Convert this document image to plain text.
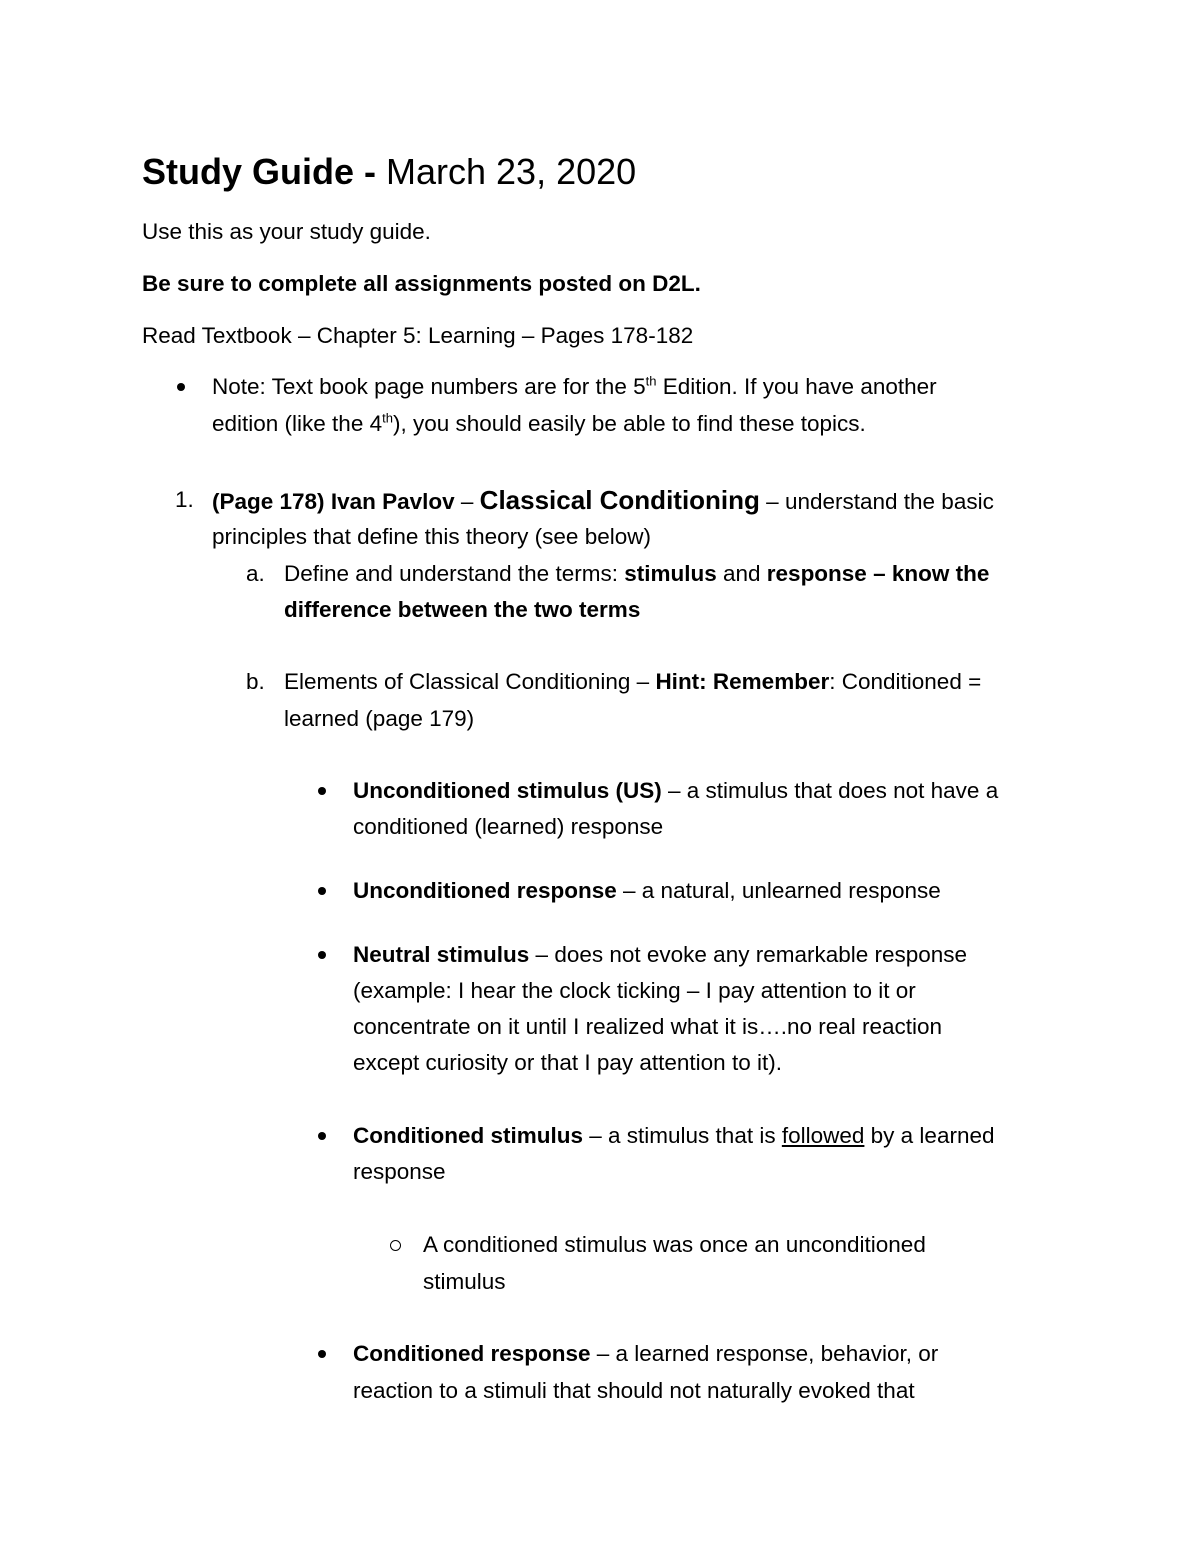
Study Guide - March 23, 2020
Use this as your study guide.
Be sure to complete all assignments posted on D2L.
Read Textbook – Chapter 5: Learning – Pages 178-182
Note: Text book page numbers are for the 5th Edition. If you have another
edition (like the 4th), you should easily be able to find these topics.
1. (Page 178) Ivan Pavlov – Classical Conditioning – understand the basic
principles that define this theory (see below)
a. Define and understand the terms: stimulus and response – know the
difference between the two terms
b. Elements of Classical Conditioning – Hint: Remember: Conditioned =
learned (page 179)
Unconditioned stimulus (US) – a stimulus that does not have a
conditioned (learned) response
Unconditioned response – a natural, unlearned response
Neutral stimulus – does not evoke any remarkable response
(example: I hear the clock ticking – I pay attention to it or
concentrate on it until I realized what it is….no real reaction
except curiosity or that I pay attention to it).
Conditioned stimulus – a stimulus that is followed by a learned
response
A conditioned stimulus was once an unconditioned
stimulus
Conditioned response – a learned response, behavior, or
reaction to a stimuli that should not naturally evoked that
